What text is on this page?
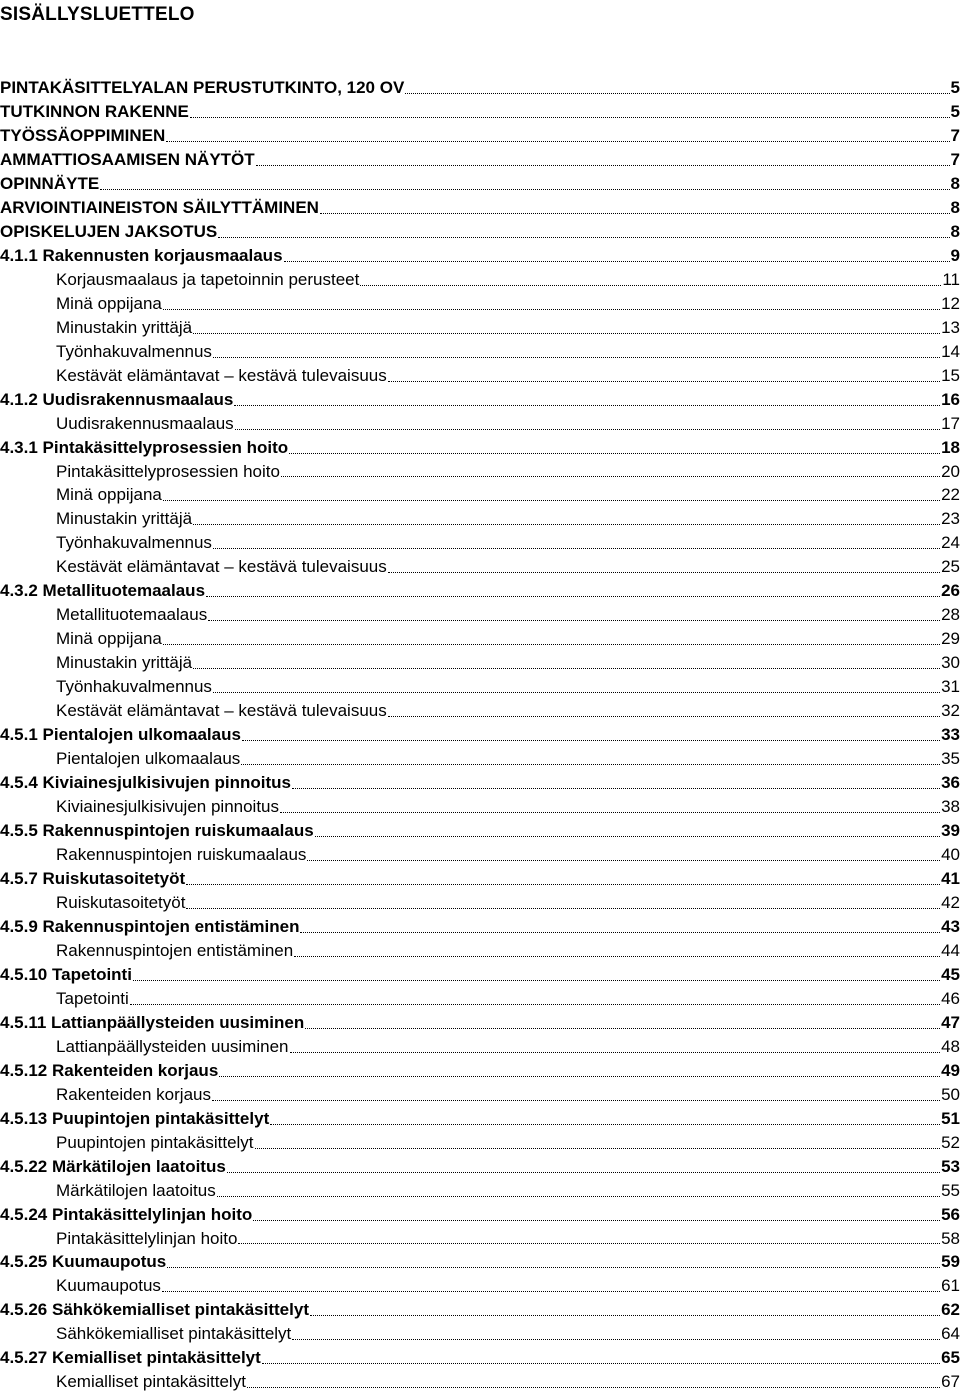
SISÄLLYSLUETTELO
PINTAKÄSITTELYALAN PERUSTUTKINTO, 120 OV	5
TUTKINNON RAKENNE	5
TYÖSSÄOPPIMINEN	7
AMMATTIOSAAMISEN NÄYTÖT	7
OPINNÄYTE	8
ARVIOINTIAINEISTON SÄILYTTÄMINEN	8
OPISKELUJEN JAKSOTUS	8
4.1.1 Rakennusten korjausmaalaus	9
Korjausmaalaus ja tapetoinnin perusteet	11
Minä oppijana	12
Minustakin yrittäjä	13
Työnhakuvalmennus	14
Kestävät elämäntavat – kestävä tulevaisuus	15
4.1.2 Uudisrakennusmaalaus	16
Uudisrakennusmaalaus	17
4.3.1 Pintakäsittelyprosessien hoito	18
Pintakäsittelyprosessien hoito	20
Minä oppijana	22
Minustakin yrittäjä	23
Työnhakuvalmennus	24
Kestävät elämäntavat – kestävä tulevaisuus	25
4.3.2 Metallituotemaalaus	26
Metallituotemaalaus	28
Minä oppijana	29
Minustakin yrittäjä	30
Työnhakuvalmennus	31
Kestävät elämäntavat – kestävä tulevaisuus	32
4.5.1 Pientalojen ulkomaalaus	33
Pientalojen ulkomaalaus	35
4.5.4 Kiviainesjulkisivujen pinnoitus	36
Kiviainesjulkisivujen pinnoitus	38
4.5.5 Rakennuspintojen ruiskumaalaus	39
Rakennuspintojen ruiskumaalaus	40
4.5.7 Ruiskutasoitetyöt	41
Ruiskutasoitetyöt	42
4.5.9 Rakennuspintojen entistäminen	43
Rakennuspintojen entistäminen	44
4.5.10 Tapetointi	45
Tapetointi	46
4.5.11 Lattianpäällysteiden uusiminen	47
Lattianpäällysteiden uusiminen	48
4.5.12 Rakenteiden korjaus	49
Rakenteiden korjaus	50
4.5.13 Puupintojen pintakäsittelyt	51
Puupintojen pintakäsittelyt	52
4.5.22 Märkätilojen laatoitus	53
Märkätilojen laatoitus	55
4.5.24 Pintakäsittelylinjan hoito	56
Pintakäsittelylinjan hoito	58
4.5.25 Kuumaupotus	59
Kuumaupotus	61
4.5.26 Sähkökemialliset pintakäsittelyt	62
Sähkökemialliset pintakäsittelyt	64
4.5.27 Kemialliset pintakäsittelyt	65
Kemialliset pintakäsittelyt	67
